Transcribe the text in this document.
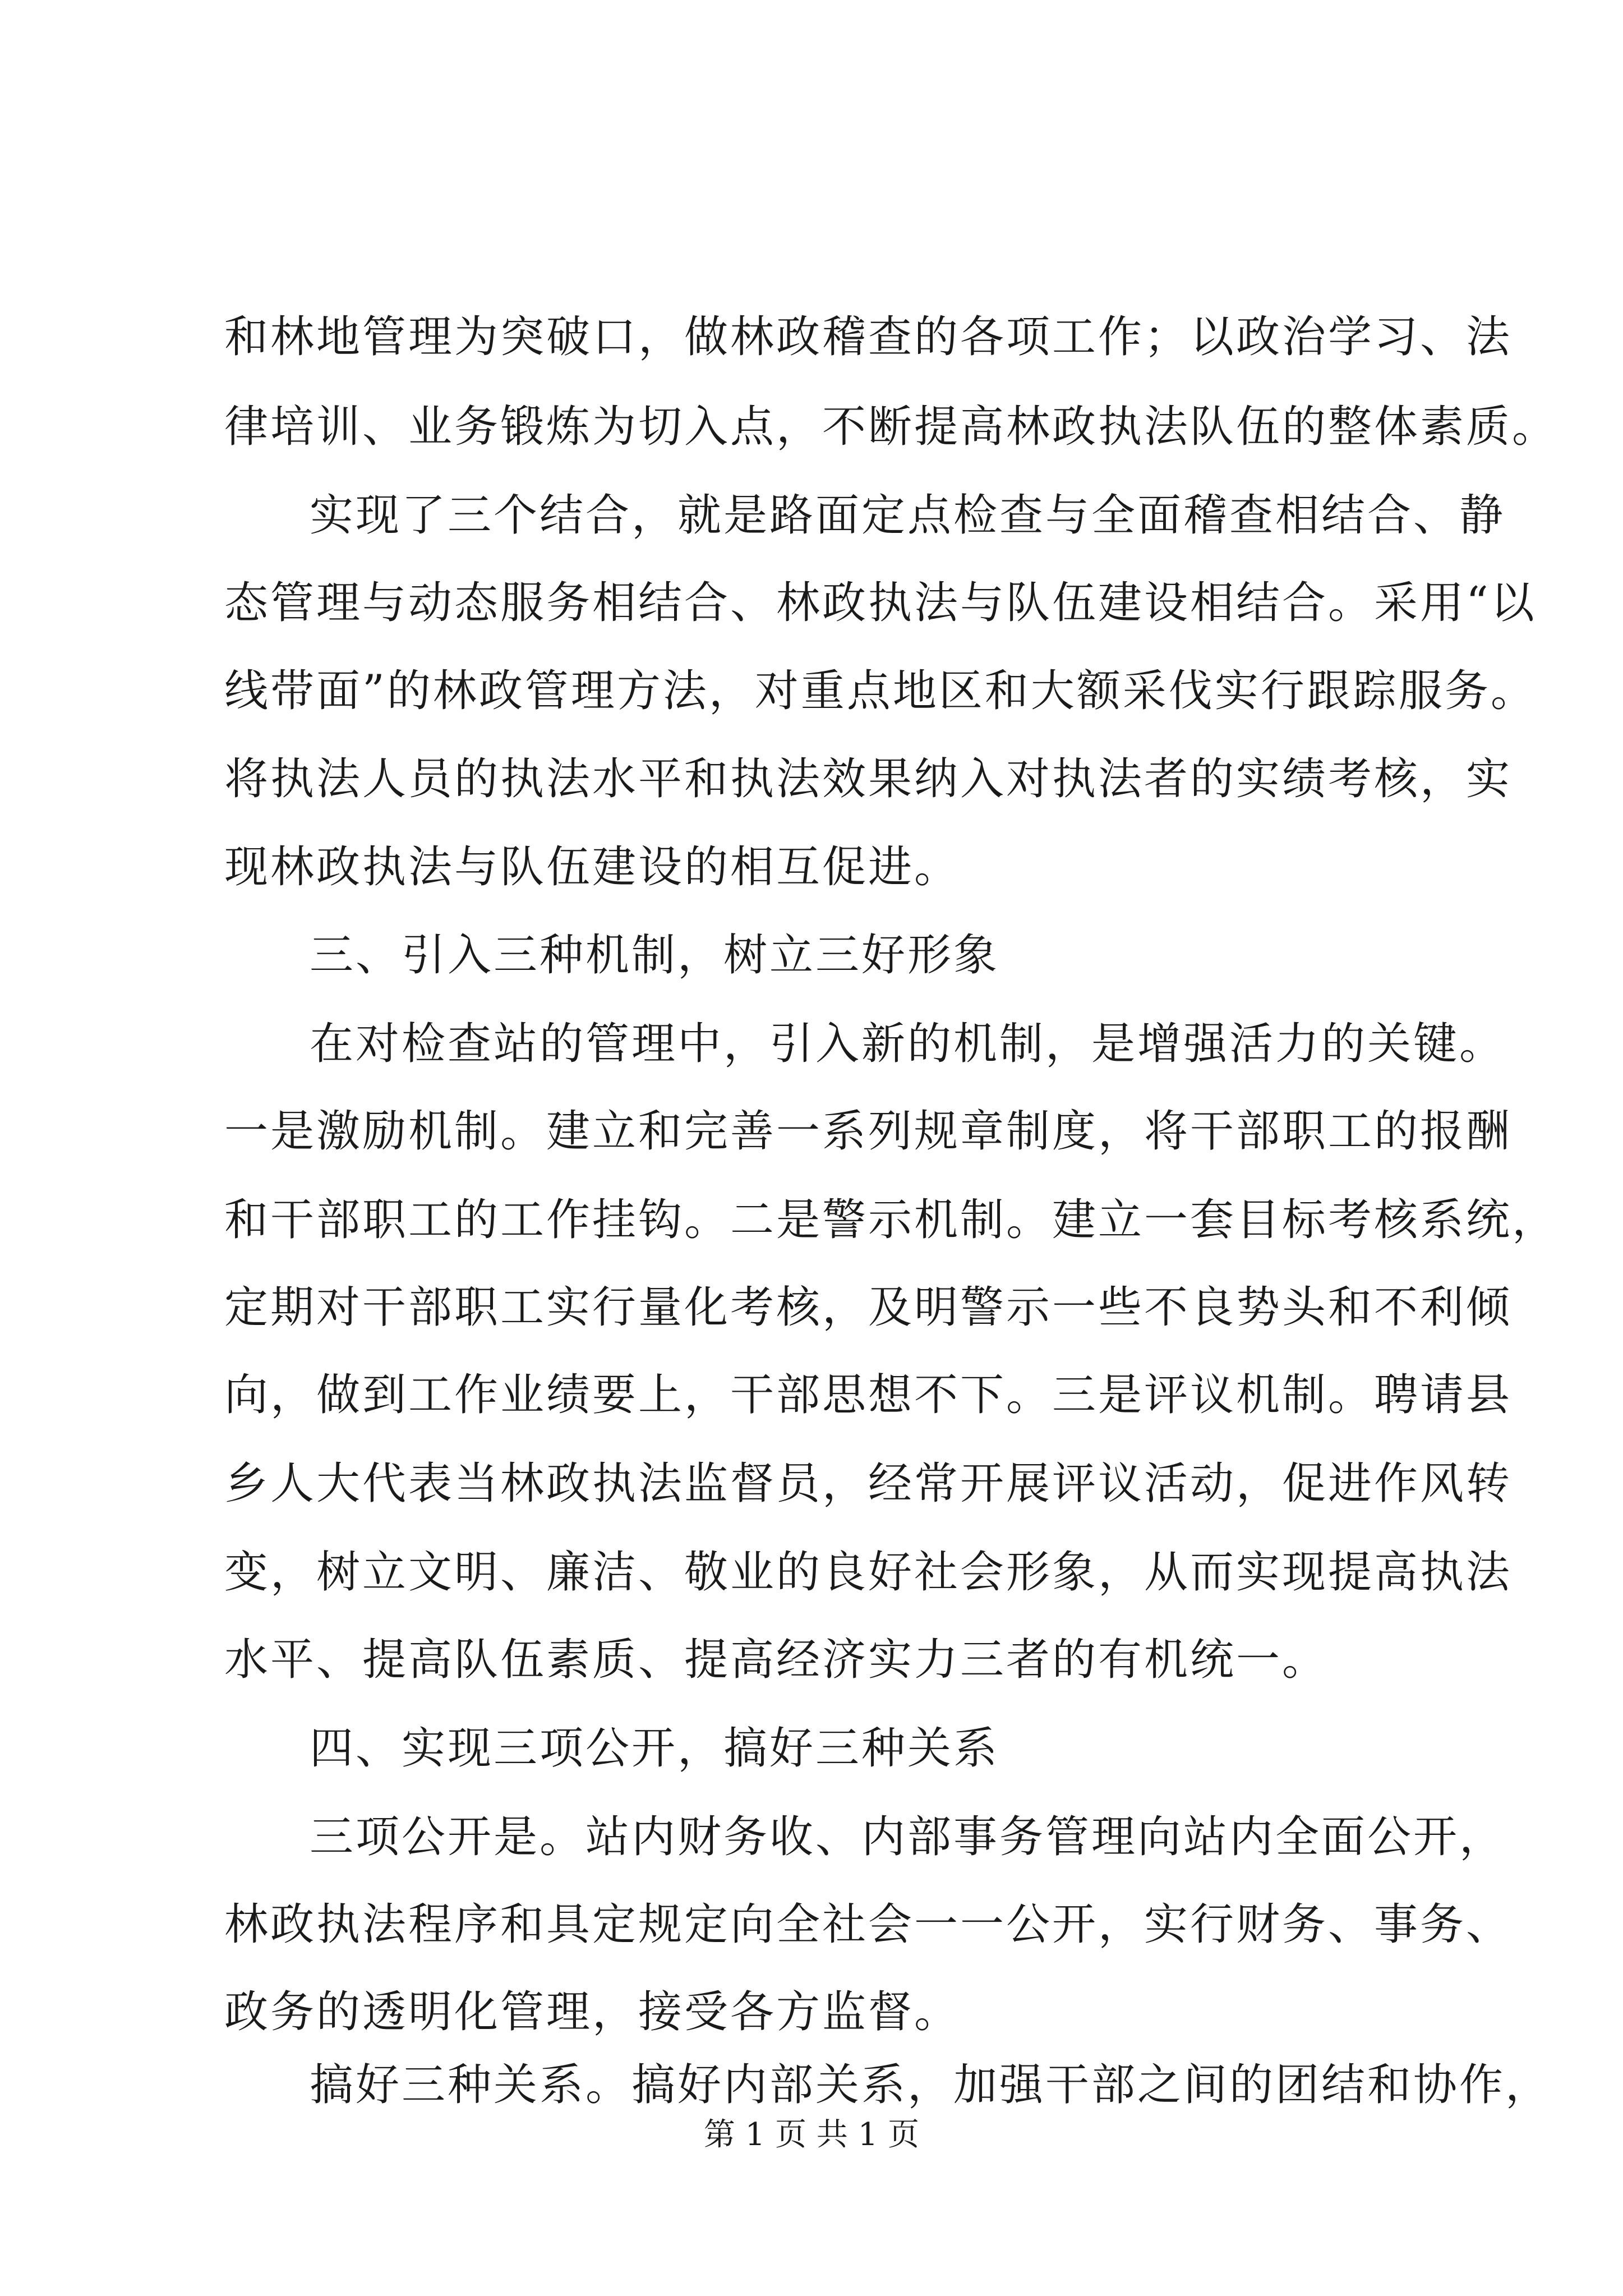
和林地管理为突破口，做林政稽查的各项工作；以政治学习、法
律培训、业务锻炼为切入点，不断提高林政执法队伍的整体素质。
实现了三个结合，就是路面定点检查与全面稽查相结合、静
态管理与动态服务相结合、林政执法与队伍建设相结合。采用“以
线带面”的林政管理方法，对重点地区和大额采伐实行跟踪服务。
将执法人员的执法水平和执法效果纳入对执法者的实绩考核，实
现林政执法与队伍建设的相互促进。
三、引入三种机制，树立三好形象
在对检查站的管理中，引入新的机制，是增强活力的关键。
一是激励机制。建立和完善一系列规章制度，将干部职工的报酬
和干部职工的工作挂钩。二是警示机制。建立一套目标考核系统，
定期对干部职工实行量化考核，及明警示一些不良势头和不利倾
向，做到工作业绩要上，干部思想不下。三是评议机制。聘请县
乡人大代表当林政执法监督员，经常开展评议活动，促进作风转
变，树立文明、廉洁、敬业的良好社会形象，从而实现提高执法
水平、提高队伍素质、提高经济实力三者的有机统一。
四、实现三项公开，搞好三种关系
三项公开是。站内财务收、内部事务管理向站内全面公开，
林政执法程序和具定规定向全社会一一公开，实行财务、事务、
政务的透明化管理，接受各方监督。
搞好三种关系。搞好内部关系，加强干部之间的团结和协作，
第 1 页 共 1 页
